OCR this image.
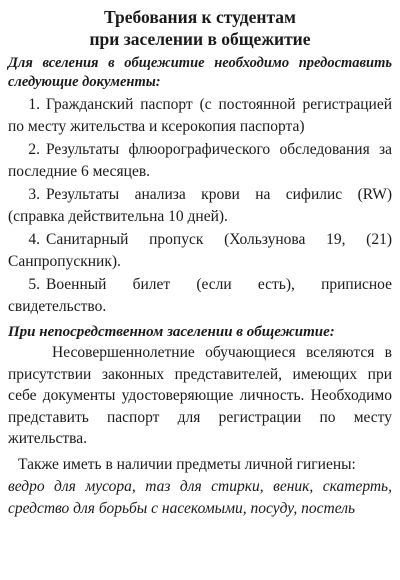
Требования к студентам
при заселении в общежитие

Для вселения в общежитие необходимо предоставить следующие документы:

1. Гражданский паспорт (с постоянной регистрацией по месту жительства и ксерокопия паспорта)
2. Результаты флюорографического обследования за последние 6 месяцев.
3. Результаты анализа крови на сифилис (RW) (справка действительна 10 дней).
4. Санитарный пропуск (Хользунова 19, (21) Санпропускник).
5. Военный билет (если есть), приписное свидетельство.

При непосредственном заселении в общежитие:

Несовершеннолетние обучающиеся вселяются в присутствии законных представителей, имеющих при себе документы удостоверяющие личность. Необходимо представить паспорт для регистрации по месту жительства.

Также иметь в наличии предметы личной гигиены:

ведро для мусора, таз для стирки, веник, скатерть, средство для борьбы с насекомыми, посуду, постель
